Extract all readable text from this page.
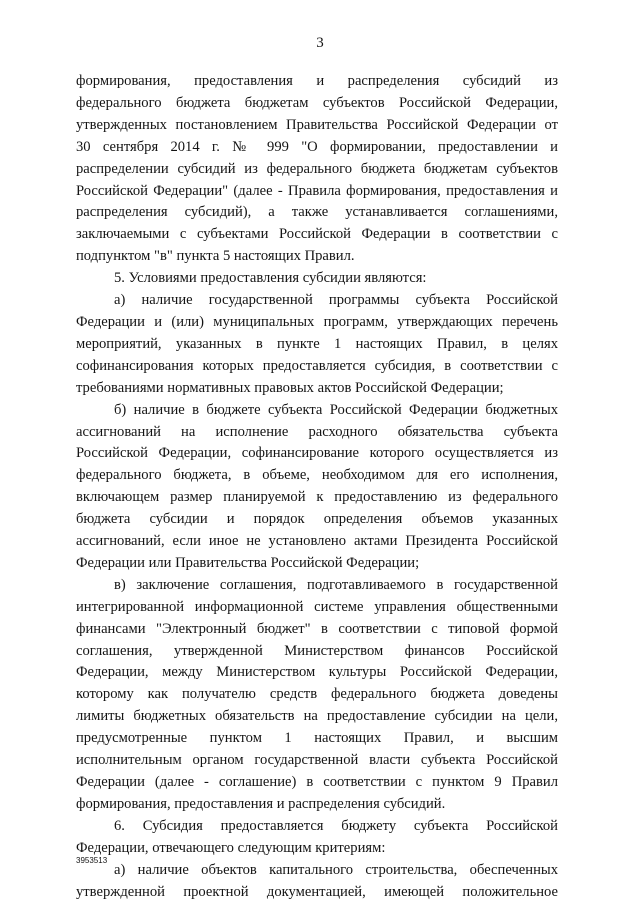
3

формирования, предоставления и распределения субсидий из

федерального бюджета бюджетам субъектов Российской Федерации,

утвержденных постановлением Правительства Российской Федерации от

30 сентября 2014 г. № 999 "О формировании, предоставлении и

распределении субсидий из федерального бюджета бюджетам субъектов

Российской Федерации" (далее - Правила формирования, предоставления и

распределения субсидий), а также устанавливается соглашениями,

заключаемыми с субъектами Российской Федерации в соответствии с

подпунктом "в" пункта 5 настоящих Правил.

5. Условиями предоставления субсидии являются:

а) наличие государственной программы субъекта Российской

Федерации и (или) муниципальных программ, утверждающих перечень

мероприятий, указанных в пункте 1 настоящих Правил, в целях

софинансирования которых предоставляется субсидия, в соответствии с

требованиями нормативных правовых актов Российской Федерации;

б) наличие в бюджете субъекта Российской Федерации бюджетных

ассигнований на исполнение расходного обязательства субъекта

Российской Федерации, софинансирование которого осуществляется из

федерального бюджета, в объеме, необходимом для его исполнения,

включающем размер планируемой к предоставлению из федерального

бюджета субсидии и порядок определения объемов указанных

ассигнований, если иное не установлено актами Президента Российской

Федерации или Правительства Российской Федерации;

в) заключение соглашения, подготавливаемого в государственной

интегрированной информационной системе управления общественными

финансами "Электронный бюджет" в соответствии с типовой формой

соглашения, утвержденной Министерством финансов Российской

Федерации, между Министерством культуры Российской Федерации,

которому как получателю средств федерального бюджета доведены

лимиты бюджетных обязательств на предоставление субсидии на цели,

предусмотренные пунктом 1 настоящих Правил, и высшим

исполнительным органом государственной власти субъекта Российской

Федерации (далее - соглашение) в соответствии с пунктом 9 Правил

формирования, предоставления и распределения субсидий.

6. Субсидия предоставляется бюджету субъекта Российской

Федерации, отвечающего следующим критериям:

а) наличие объектов капитального строительства, обеспеченных

утвержденной проектной документацией, имеющей положительное

3953513
